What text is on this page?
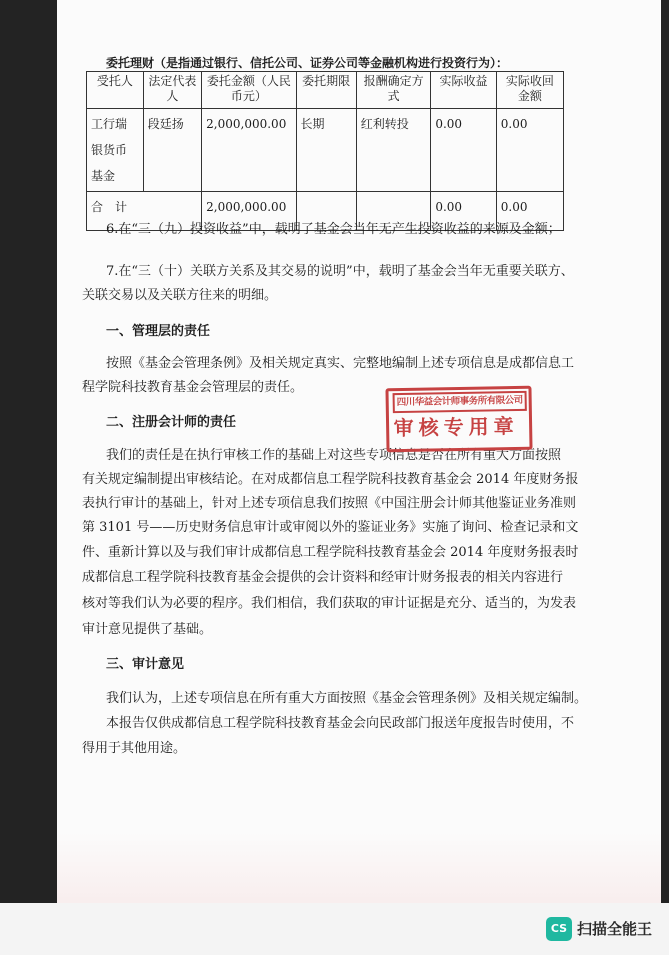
委托理财（是指通过银行、信托公司、证券公司等金融机构进行投资行为）：
受托人	法定代表人	委托金额（人民币元）	委托期限	报酬确定方式	实际收益	实际收回金额
工行瑞银货币基金	段廷扬	2,000,000.00	长期	红利转投	0.00	0.00
合　计		2,000,000.00			0.00	0.00
6.在“三（九）投资收益”中，载明了基金会当年无产生投资收益的来源及金额；
7.在“三（十）关联方关系及其交易的说明”中，载明了基金会当年无重要关联方、
关联交易以及关联方往来的明细。
一、管理层的责任
按照《基金会管理条例》及相关规定真实、完整地编制上述专项信息是成都信息工
程学院科技教育基金会管理层的责任。
二、注册会计师的责任
我们的责任是在执行审核工作的基础上对这些专项信息是否在所有重大方面按照
有关规定编制提出审核结论。在对成都信息工程学院科技教育基金会 2014 年度财务报
表执行审计的基础上，针对上述专项信息我们按照《中国注册会计师其他鉴证业务准则
第 3101 号——历史财务信息审计或审阅以外的鉴证业务》实施了询问、检查记录和文
件、重新计算以及与我们审计成都信息工程学院科技教育基金会 2014 年度财务报表时
成都信息工程学院科技教育基金会提供的会计资料和经审计财务报表的相关内容进行
核对等我们认为必要的程序。我们相信，我们获取的审计证据是充分、适当的，为发表
审计意见提供了基础。
三、审计意见
我们认为，上述专项信息在所有重大方面按照《基金会管理条例》及相关规定编制。
本报告仅供成都信息工程学院科技教育基金会向民政部门报送年度报告时使用，不
得用于其他用途。
四川华益会计师事务所有限公司
审核专用章
CS 扫描全能王
